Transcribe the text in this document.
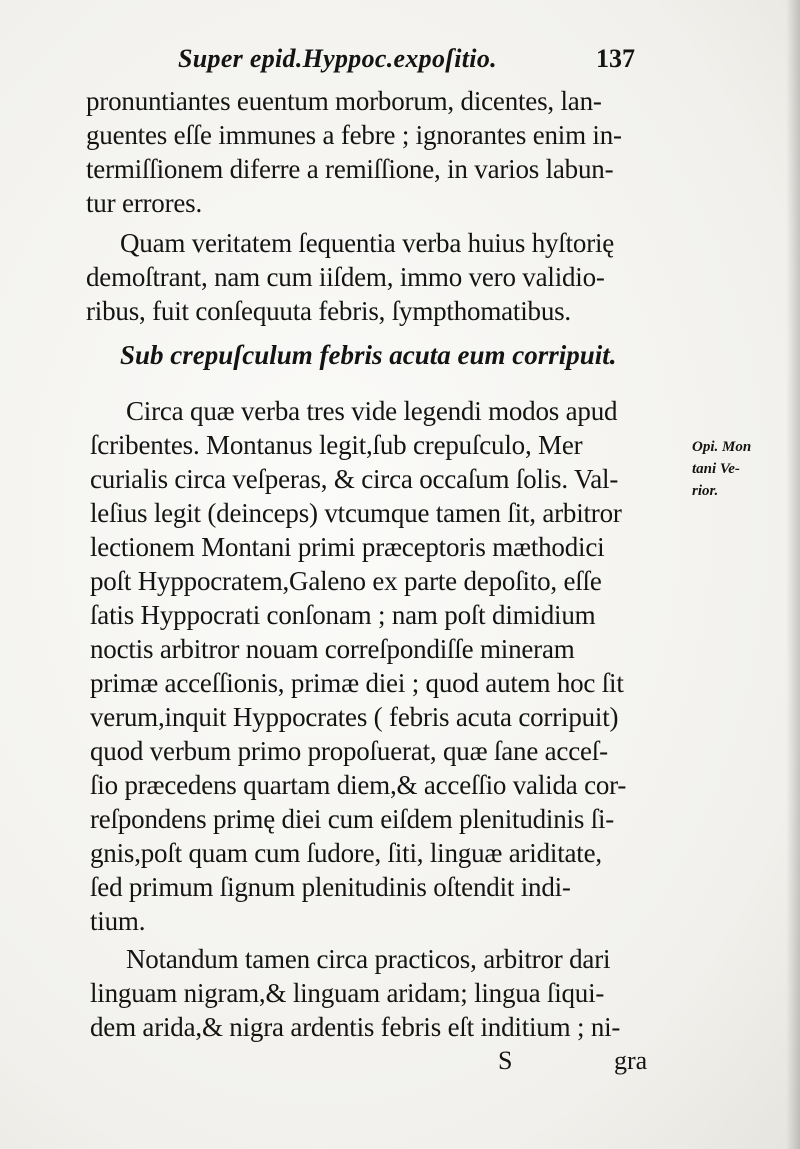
Super epid.Hyppoc.expoſitio.	137
pronuntiantes euentum morborum, dicentes, lan-
guentes eſſe immunes a febre ; ignorantes enim in-
termiſſionem diferre a remiſſione, in varios labun-
tur errores.
Quam veritatem ſequentia verba huius hyſtorię
demoſtrant, nam cum iiſdem, immo vero validio-
ribus, fuit conſequuta febris, ſympthomatibus.
Sub crepuſculum febris acuta eum corripuit.
Circa quæ verba tres vide legendi modos apud
ſcribentes. Montanus legit,ſub crepuſculo, Mer
curialis circa veſperas, & circa occaſum ſolis. Val-
leſius legit (deinceps) vtcumque tamen ſit, arbitror
lectionem Montani primi præceptoris mæthodici
poſt Hyppocratem,Galeno ex parte depoſito, eſſe
ſatis Hyppocrati conſonam ; nam poſt dimidium
noctis arbitror nouam correſpondiſſe mineram
primæ acceſſionis, primæ diei ; quod autem hoc ſit
verum,inquit Hyppocrates ( febris acuta corripuit)
quod verbum primo propoſuerat, quæ ſane acceſ-
ſio præcedens quartam diem,& acceſſio valida cor-
reſpondens primę diei cum eiſdem plenitudinis ſi-
gnis,poſt quam cum ſudore, ſiti, linguæ ariditate,
ſed primum ſignum plenitudinis oſtendit indi-
tium.
Opi. Mon
tani Ve-
rior.
Notandum tamen circa practicos, arbitror dari
linguam nigram,& linguam aridam; lingua ſiqui-
dem arida,& nigra ardentis febris eſt inditium ; ni-
S	gra
